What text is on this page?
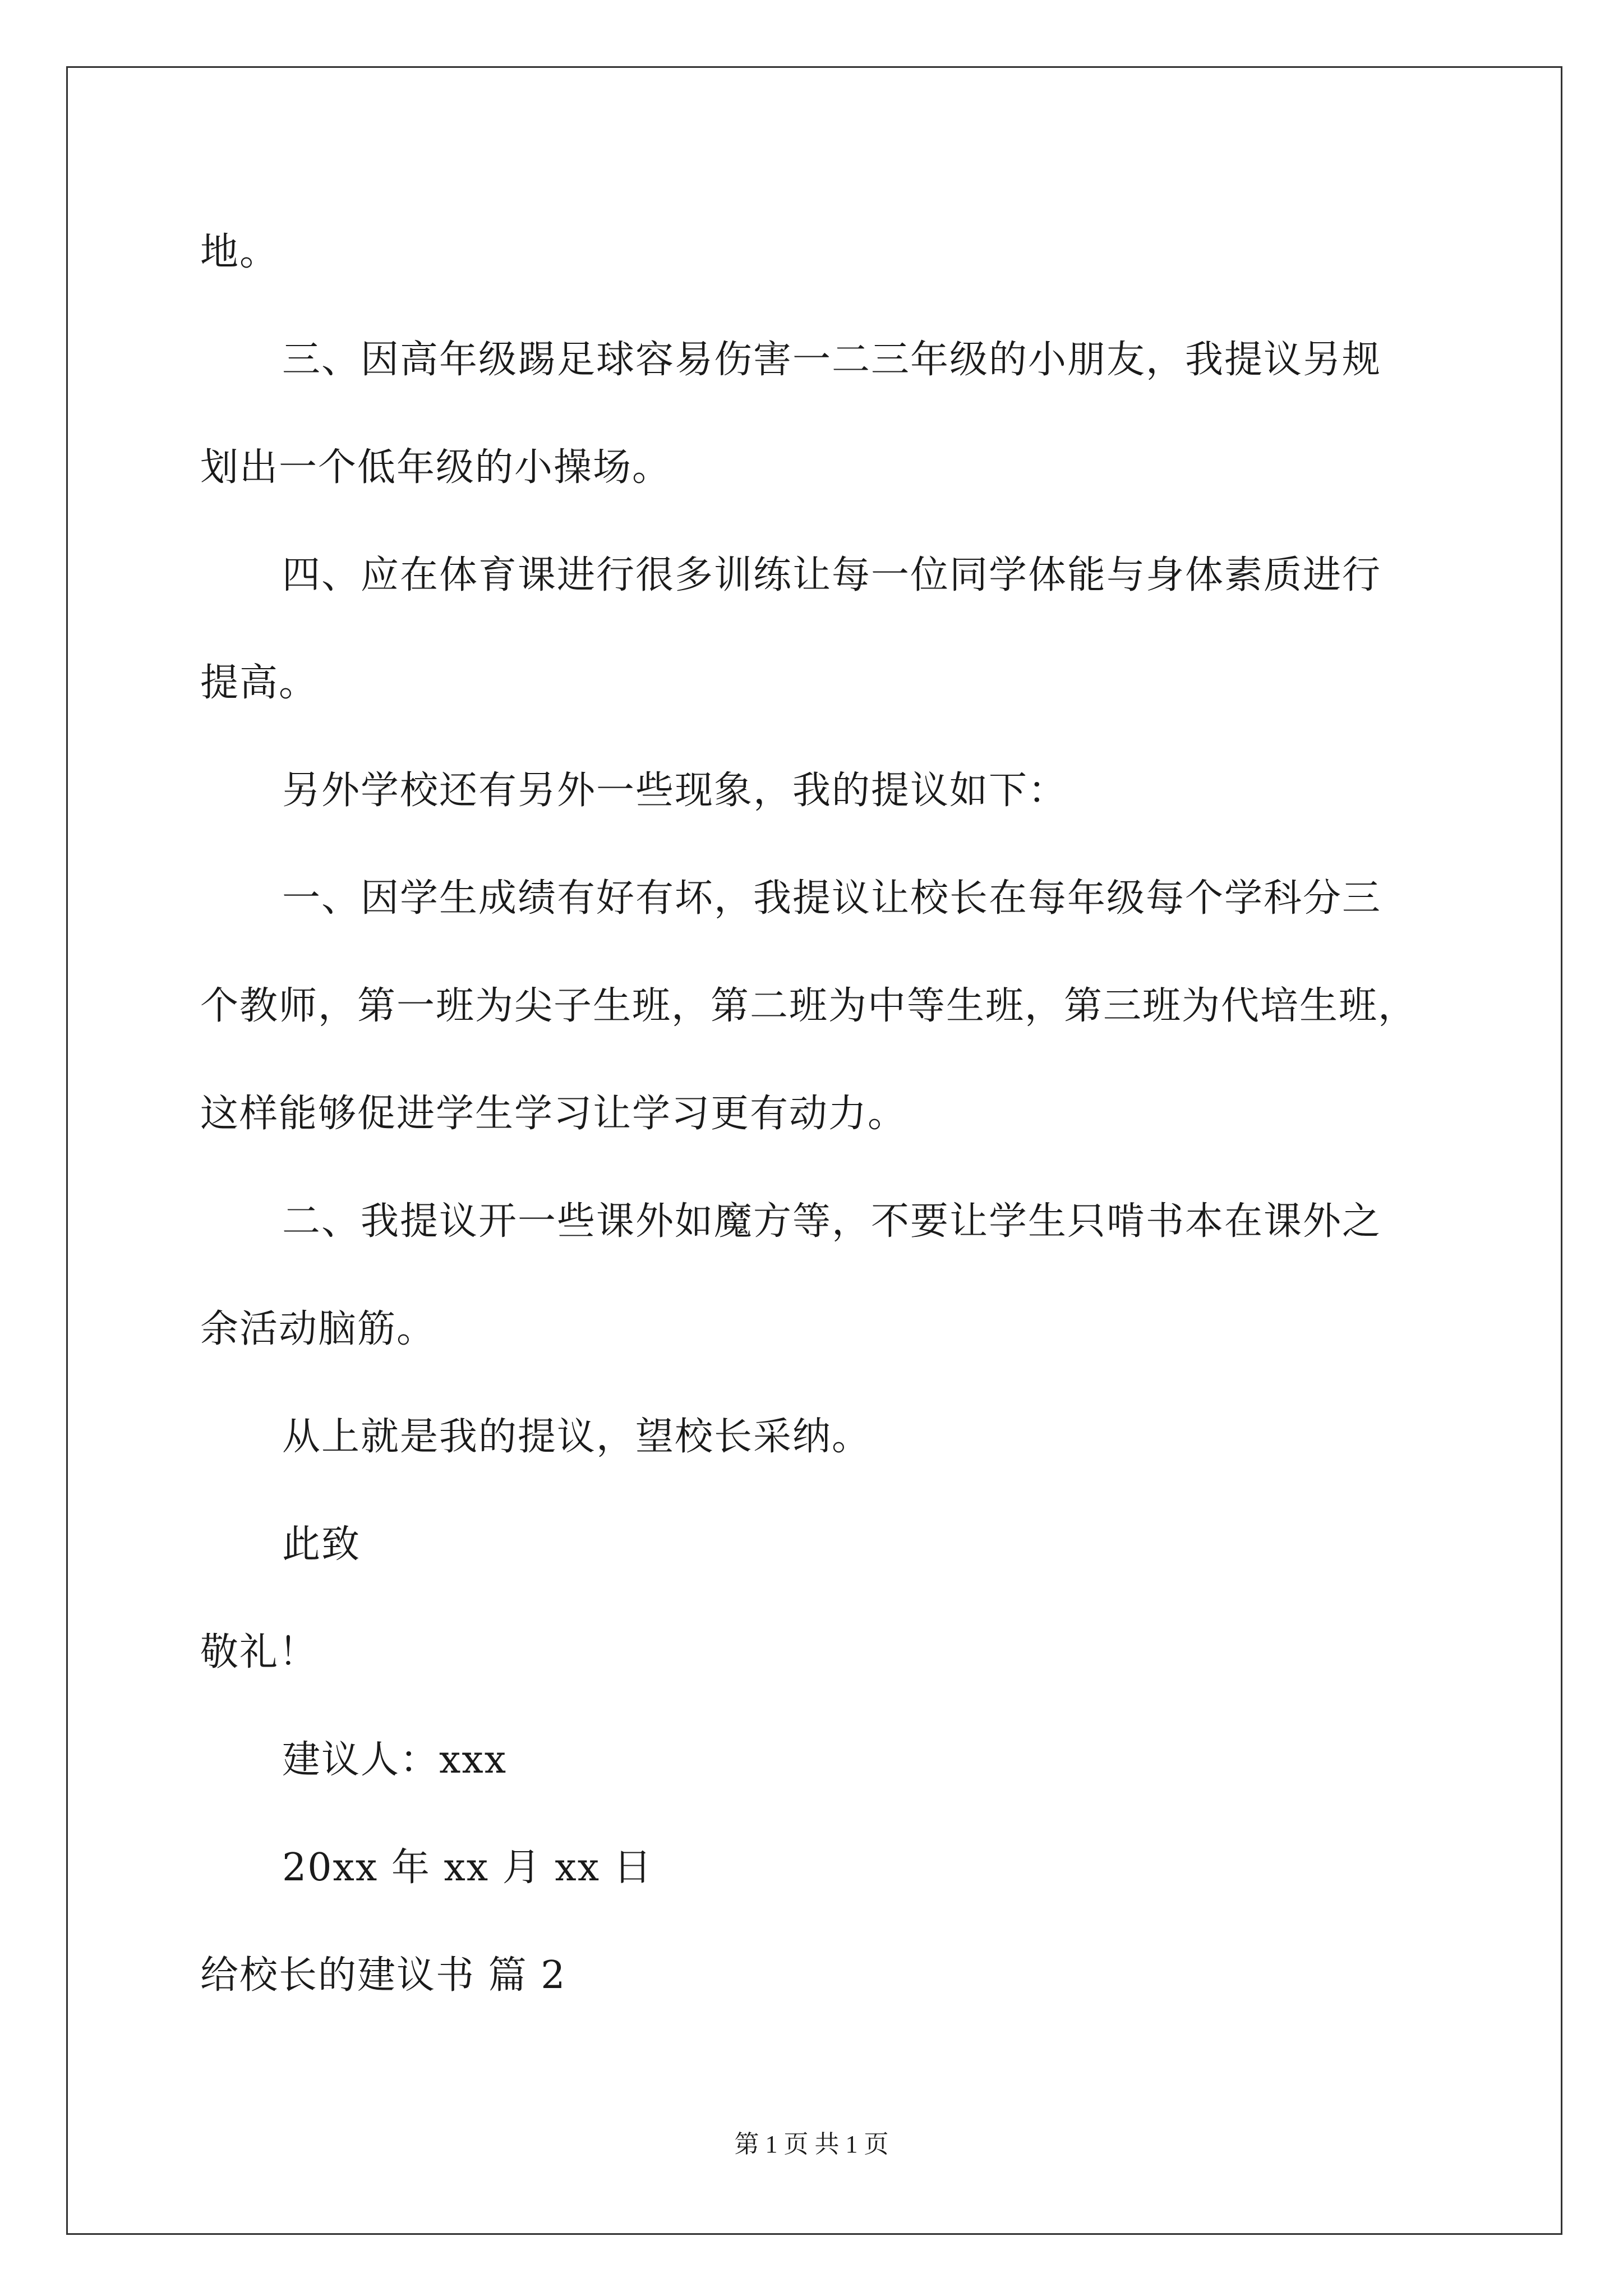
地。
三、因高年级踢足球容易伤害一二三年级的小朋友，我提议另规
划出一个低年级的小操场。
四、应在体育课进行很多训练让每一位同学体能与身体素质进行
提高。
另外学校还有另外一些现象，我的提议如下：
一、因学生成绩有好有坏，我提议让校长在每年级每个学科分三
个教师，第一班为尖子生班，第二班为中等生班，第三班为代培生班，
这样能够促进学生学习让学习更有动力。
二、我提议开一些课外如魔方等，不要让学生只啃书本在课外之
余活动脑筋。
从上就是我的提议，望校长采纳。
此致
敬礼！
建议人：xxx
20xx 年 xx 月 xx 日
给校长的建议书 篇 2
第 1 页 共 1 页
